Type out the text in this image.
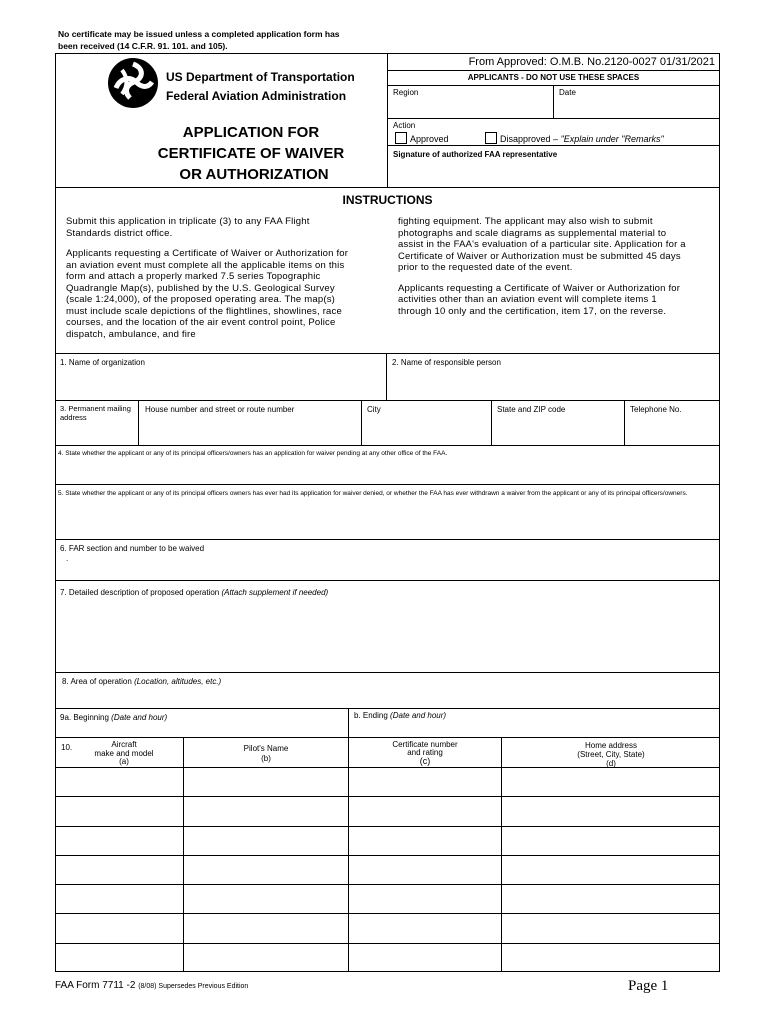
No certificate may be issued unless a completed application form has been received (14 C.F.R. 91. 101. and 105).
From Approved: O.M.B. No.2120-0027 01/31/2021
APPLICANTS - DO NOT USE THESE SPACES
Region	Date
Action
Approved	Disapproved – "Explain under "Remarks"
Signature of authorized FAA representative
US Department of Transportation
Federal Aviation Administration
APPLICATION FOR
CERTIFICATE OF WAIVER
OR AUTHORIZATION
INSTRUCTIONS

Submit this application in triplicate (3) to any FAA Flight Standards district office.

Applicants requesting a Certificate of Waiver or Authorization for an aviation event must complete all the applicable items on this form and attach a properly marked 7.5 series Topographic Quadrangle Map(s), published by the U.S. Geological Survey (scale 1:24,000), of the proposed operating area. The map(s) must include scale depictions of the flightlines, showlines, race courses, and the location of the air event control point, Police dispatch, ambulance, and fire

fighting equipment. The applicant may also wish to submit photographs and scale diagrams as supplemental material to assist in the FAA's evaluation of a particular site. Application for a Certificate of Waiver or Authorization must be submitted 45 days prior to the requested date of the event.

Applicants requesting a Certificate of Waiver or Authorization for activities other than an aviation event will complete items 1 through 10 only and the certification, item 17, on the reverse.

1. Name of organization	2. Name of responsible person
3. Permanent mailing address
House number and street or route number	City	State and ZIP code	Telephone No.
4. State whether the applicant or any of its principal officers/owners has an application for waiver pending at any other office of the FAA.
5. State whether the applicant or any of its principal officers owners has ever had its application for waiver denied, or whether the FAA has ever withdrawn a waiver from the applicant or any of its principal officers/owners.
6. FAR section and number to be waived
.
7. Detailed description of proposed operation (Attach supplement if needed)
8. Area of operation (Location, altitudes, etc.)
9a. Beginning (Date and hour)	b. Ending (Date and hour)
10.	Aircraft
make and model
(a)
Pilot's Name
(b)
Certificate number
and rating
(c)
Home address
(Street, City, State)
(d)
FAA Form 7711 -2 (8/08) Supersedes Previous Edition	Page 1
